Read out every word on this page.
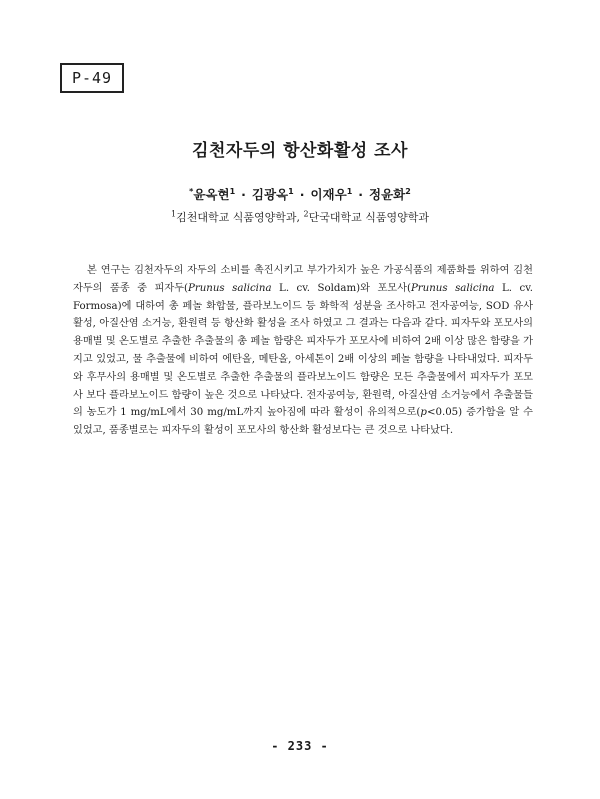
P-49
김천자두의 항산화활성 조사
*윤옥현$^1$ · 김광옥$^1$ · 이재우$^1$ · 정윤화$^2$
$^1$김천대학교 식품영양학과, $^2$단국대학교 식품영양학과

본 연구는 김천자두의 자두의 소비를 촉진시키고 부가가치가 높은 가공식품의 제품화를 위하여 김천자두의 품종 중 피자두(Prunus salicina L. cv. Soldam)와 포모사(Prunus salicina L. cv. Formosa)에 대하여 총 페놀 화합물, 플라보노이드 등 화학적 성분을 조사하고 전자공여능, SOD 유사활성, 아질산염 소거능, 환원력 등 항산화 활성을 조사 하였고 그 결과는 다음과 같다. 피자두와 포모사의 용매별 및 온도별로 추출한 추출물의 총 페놀 함량은 피자두가 포모사에 비하여 2배 이상 많은 함량을 가지고 있었고, 물 추출물에 비하여 에탄올, 메탄올, 아세톤이 2배 이상의 페놀 함량을 나타내었다. 피자두와 후무사의 용매별 및 온도별로 추출한 추출물의 플라보노이드 함량은 모든 추출물에서 피자두가 포모사 보다 플라보노이드 함량이 높은 것으로 나타났다. 전자공여능, 환원력, 아질산염 소거능에서 추출물들의 농도가 1 mg/mL에서 30 mg/mL까지 높아짐에 따라 활성이 유의적으로(p<0.05) 증가함을 알 수 있었고, 품종별로는 피자두의 활성이 포모사의 항산화 활성보다는 큰 것으로 나타났다.

- 233 -
